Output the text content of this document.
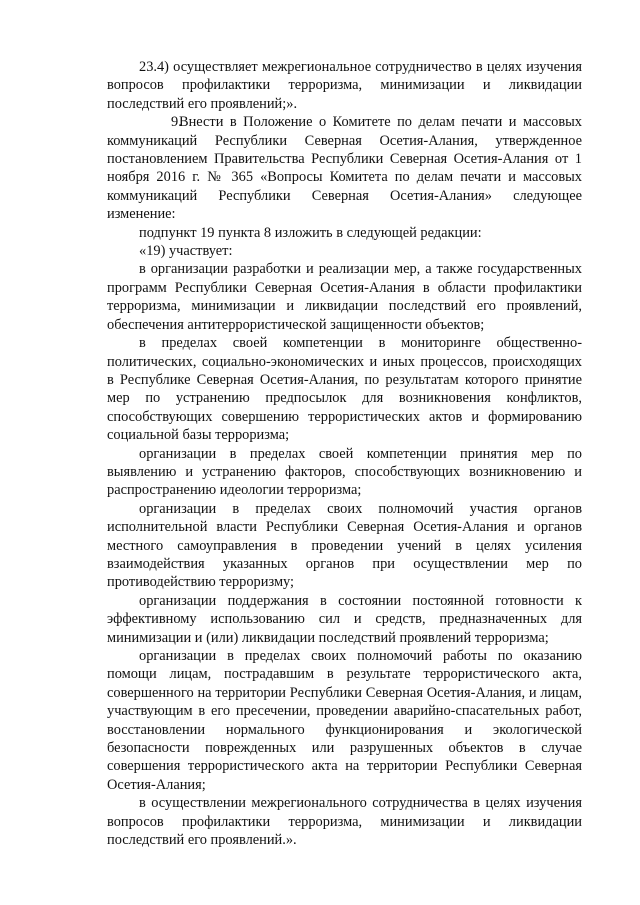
23.4) осуществляет межрегиональное сотрудничество в целях изучения вопросов профилактики терроризма, минимизации и ликвидации последствий его проявлений;».

9.Внести в Положение о Комитете по делам печати и массовых коммуникаций Республики Северная Осетия-Алания, утвержденное постановлением Правительства Республики Северная Осетия-Алания от 1 ноября 2016 г. № 365 «Вопросы Комитета по делам печати и массовых коммуникаций Республики Северная Осетия-Алания» следующее изменение:

подпункт 19 пункта 8 изложить в следующей редакции:

«19) участвует:

в организации разработки и реализации мер, а также государственных программ Республики Северная Осетия-Алания в области профилактики терроризма, минимизации и ликвидации последствий его проявлений, обеспечения антитеррористической защищенности объектов;

в пределах своей компетенции в мониторинге общественно-политических, социально-экономических и иных процессов, происходящих в Республике Северная Осетия-Алания, по результатам которого принятие мер по устранению предпосылок для возникновения конфликтов, способствующих совершению террористических актов и формированию социальной базы терроризма;

организации в пределах своей компетенции принятия мер по выявлению и устранению факторов, способствующих возникновению и распространению идеологии терроризма;

организации в пределах своих полномочий участия органов исполнительной власти Республики Северная Осетия-Алания и органов местного самоуправления в проведении учений в целях усиления взаимодействия указанных органов при осуществлении мер по противодействию терроризму;

организации поддержания в состоянии постоянной готовности к эффективному использованию сил и средств, предназначенных для минимизации и (или) ликвидации последствий проявлений терроризма;

организации в пределах своих полномочий работы по оказанию помощи лицам, пострадавшим в результате террористического акта, совершенного на территории Республики Северная Осетия-Алания, и лицам, участвующим в его пресечении, проведении аварийно-спасательных работ, восстановлении нормального функционирования и экологической безопасности поврежденных или разрушенных объектов в случае совершения террористического акта на территории Республики Северная Осетия-Алания;

в осуществлении межрегионального сотрудничества в целях изучения вопросов профилактики терроризма, минимизации и ликвидации последствий его проявлений.».
